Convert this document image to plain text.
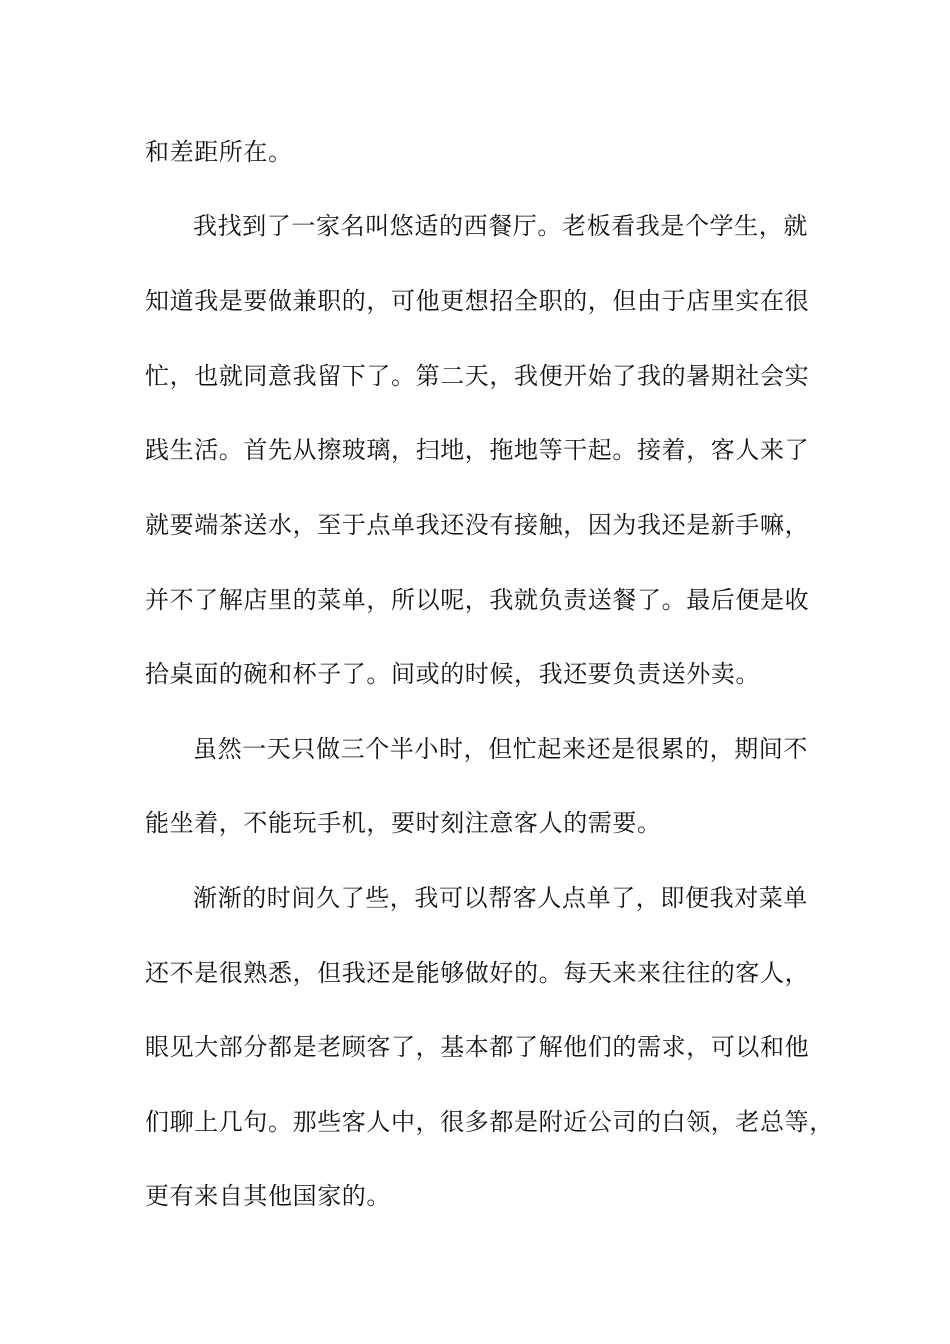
和差距所在。
我找到了一家名叫悠适的西餐厅。老板看我是个学生，就
知道我是要做兼职的，可他更想招全职的，但由于店里实在很
忙，也就同意我留下了。第二天，我便开始了我的暑期社会实
践生活。首先从擦玻璃，扫地，拖地等干起。接着，客人来了
就要端茶送水，至于点单我还没有接触，因为我还是新手嘛，
并不了解店里的菜单，所以呢，我就负责送餐了。最后便是收
拾桌面的碗和杯子了。间或的时候，我还要负责送外卖。
虽然一天只做三个半小时，但忙起来还是很累的，期间不
能坐着，不能玩手机，要时刻注意客人的需要。
渐渐的时间久了些，我可以帮客人点单了，即便我对菜单
还不是很熟悉，但我还是能够做好的。每天来来往往的客人，
眼见大部分都是老顾客了，基本都了解他们的需求，可以和他
们聊上几句。那些客人中，很多都是附近公司的白领，老总等，
更有来自其他国家的。
